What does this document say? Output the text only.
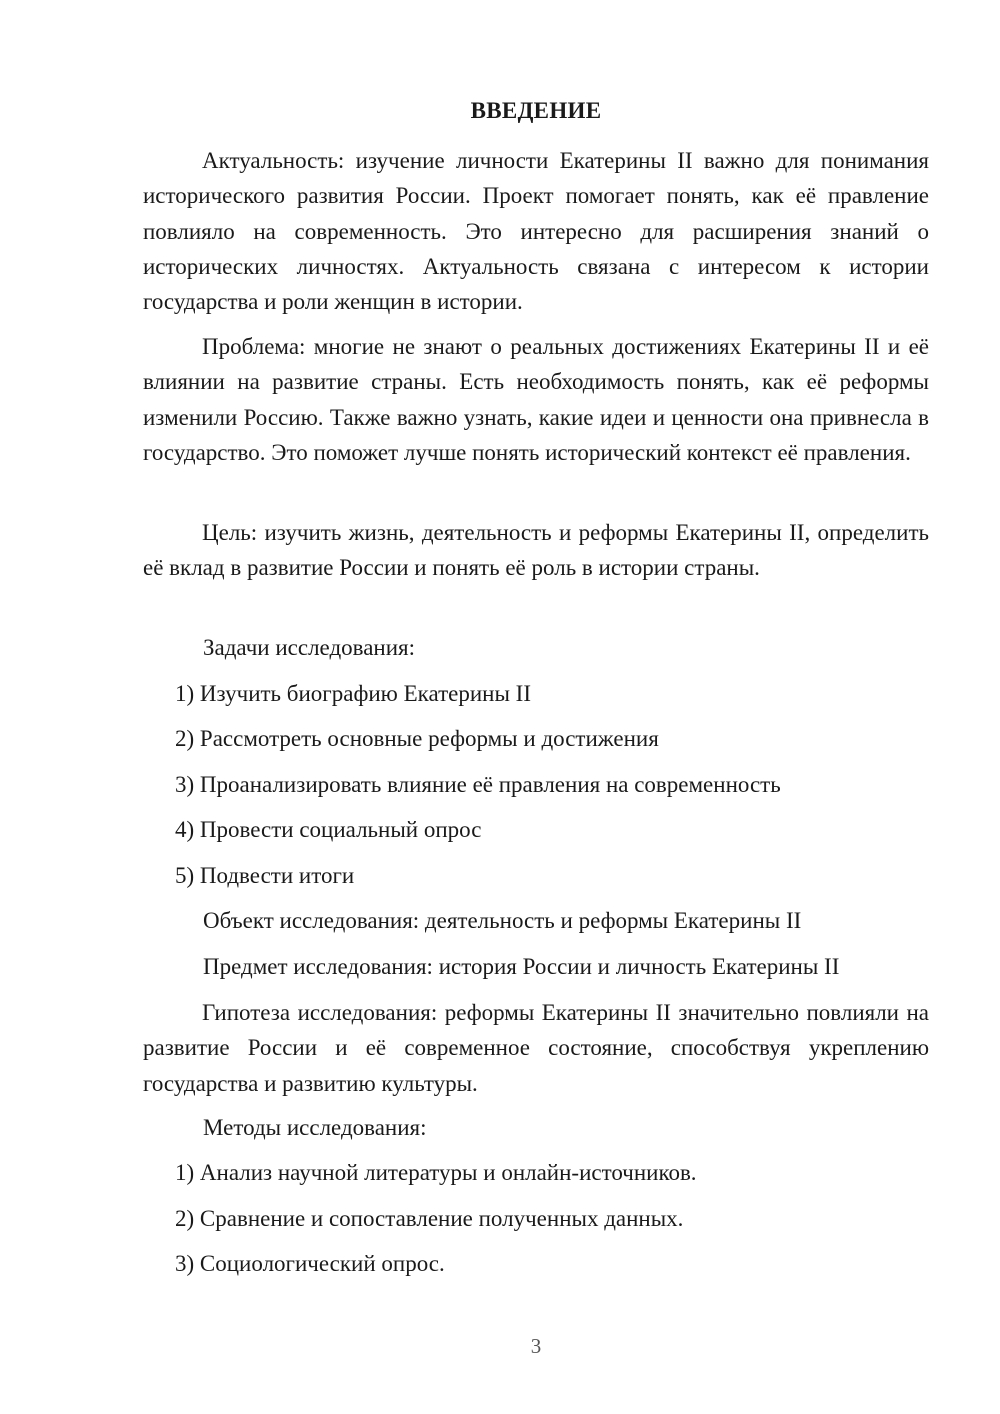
ВВЕДЕНИЕ

Актуальность: изучение личности Екатерины II важно для понимания исторического развития России. Проект помогает понять, как её правление повлияло на современность. Это интересно для расширения знаний о исторических личностях. Актуальность связана с интересом к истории государства и роли женщин в истории.

Проблема: многие не знают о реальных достижениях Екатерины II и её влиянии на развитие страны. Есть необходимость понять, как её реформы изменили Россию. Также важно узнать, какие идеи и ценности она привнесла в государство. Это поможет лучше понять исторический контекст её правления.

Цель: изучить жизнь, деятельность и реформы Екатерины II, определить её вклад в развитие России и понять её роль в истории страны.

Задачи исследования:
1) Изучить биографию Екатерины II
2) Рассмотреть основные реформы и достижения
3) Проанализировать влияние её правления на современность
4) Провести социальный опрос
5) Подвести итоги
Объект исследования: деятельность и реформы Екатерины II
Предмет исследования: история России и личность Екатерины II

Гипотеза исследования: реформы Екатерины II значительно повлияли на развитие России и её современное состояние, способствуя укреплению государства и развитию культуры.

Методы исследования:
1) Анализ научной литературы и онлайн-источников.
2) Сравнение и сопоставление полученных данных.
3) Социологический опрос.
3
